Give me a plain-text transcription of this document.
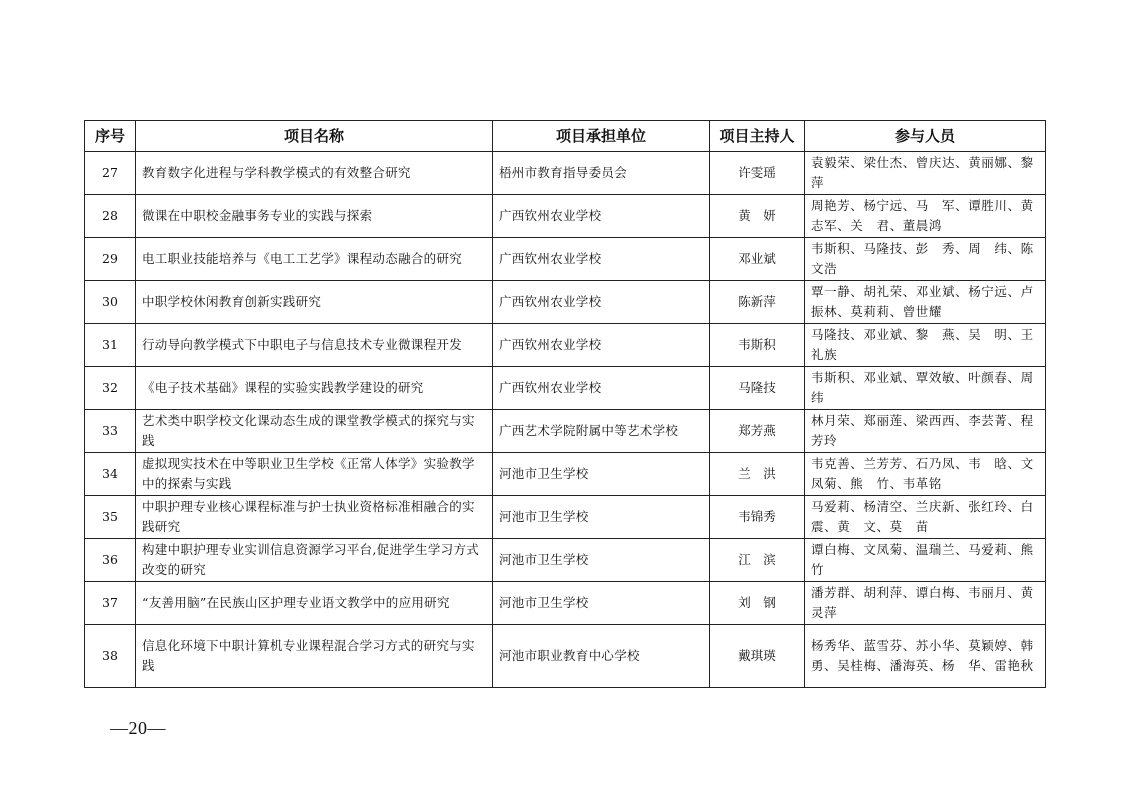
序号	项目名称	项目承担单位	项目主持人	参与人员
27	教育数字化进程与学科教学模式的有效整合研究	梧州市教育指导委员会	许雯瑶	袁毅荣、梁仕杰、曾庆达、黄丽娜、黎　萍
28	微课在中职校金融事务专业的实践与探索	广西钦州农业学校	黄　妍	周艳芳、杨宁远、马　军、谭胜川、黄志军、关　君、董晨鸿
29	电工职业技能培养与《电工工艺学》课程动态融合的研究	广西钦州农业学校	邓业斌	韦斯积、马隆技、彭　秀、周　纬、陈文浩
30	中职学校休闲教育创新实践研究	广西钦州农业学校	陈新萍	覃一静、胡礼荣、邓业斌、杨宁远、卢振林、莫莉莉、曾世耀
31	行动导向教学模式下中职电子与信息技术专业微课程开发	广西钦州农业学校	韦斯积	马隆技、邓业斌、黎　燕、吴　明、王礼族
32	《电子技术基础》课程的实验实践教学建设的研究	广西钦州农业学校	马隆技	韦斯积、邓业斌、覃效敏、叶颜春、周　纬
33	艺术类中职学校文化课动态生成的课堂教学模式的探究与实践	广西艺术学院附属中等艺术学校	郑芳燕	林月荣、郑丽莲、梁西西、李芸菁、程芳玲
34	虚拟现实技术在中等职业卫生学校《正常人体学》实验教学中的探索与实践	河池市卫生学校	兰　洪	韦克善、兰芳芳、石乃凤、韦　晗、文凤菊、熊　竹、韦革铭
35	中职护理专业核心课程标准与护士执业资格标准相融合的实践研究	河池市卫生学校	韦锦秀	马爱莉、杨清空、兰庆新、张红玲、白　震、黄　文、莫　苗
36	构建中职护理专业实训信息资源学习平台,促进学生学习方式改变的研究	河池市卫生学校	江　滨	谭白梅、文凤菊、温瑞兰、马爱莉、熊　竹
37	“友善用脑”在民族山区护理专业语文教学中的应用研究	河池市卫生学校	刘　钢	潘芳群、胡利萍、谭白梅、韦丽月、黄灵萍
38	信息化环境下中职计算机专业课程混合学习方式的研究与实践	河池市职业教育中心学校	戴琪瑛	杨秀华、蓝雪芬、苏小华、莫颖婷、韩　勇、吴桂梅、潘海英、杨　华、雷艳秋
—20—
